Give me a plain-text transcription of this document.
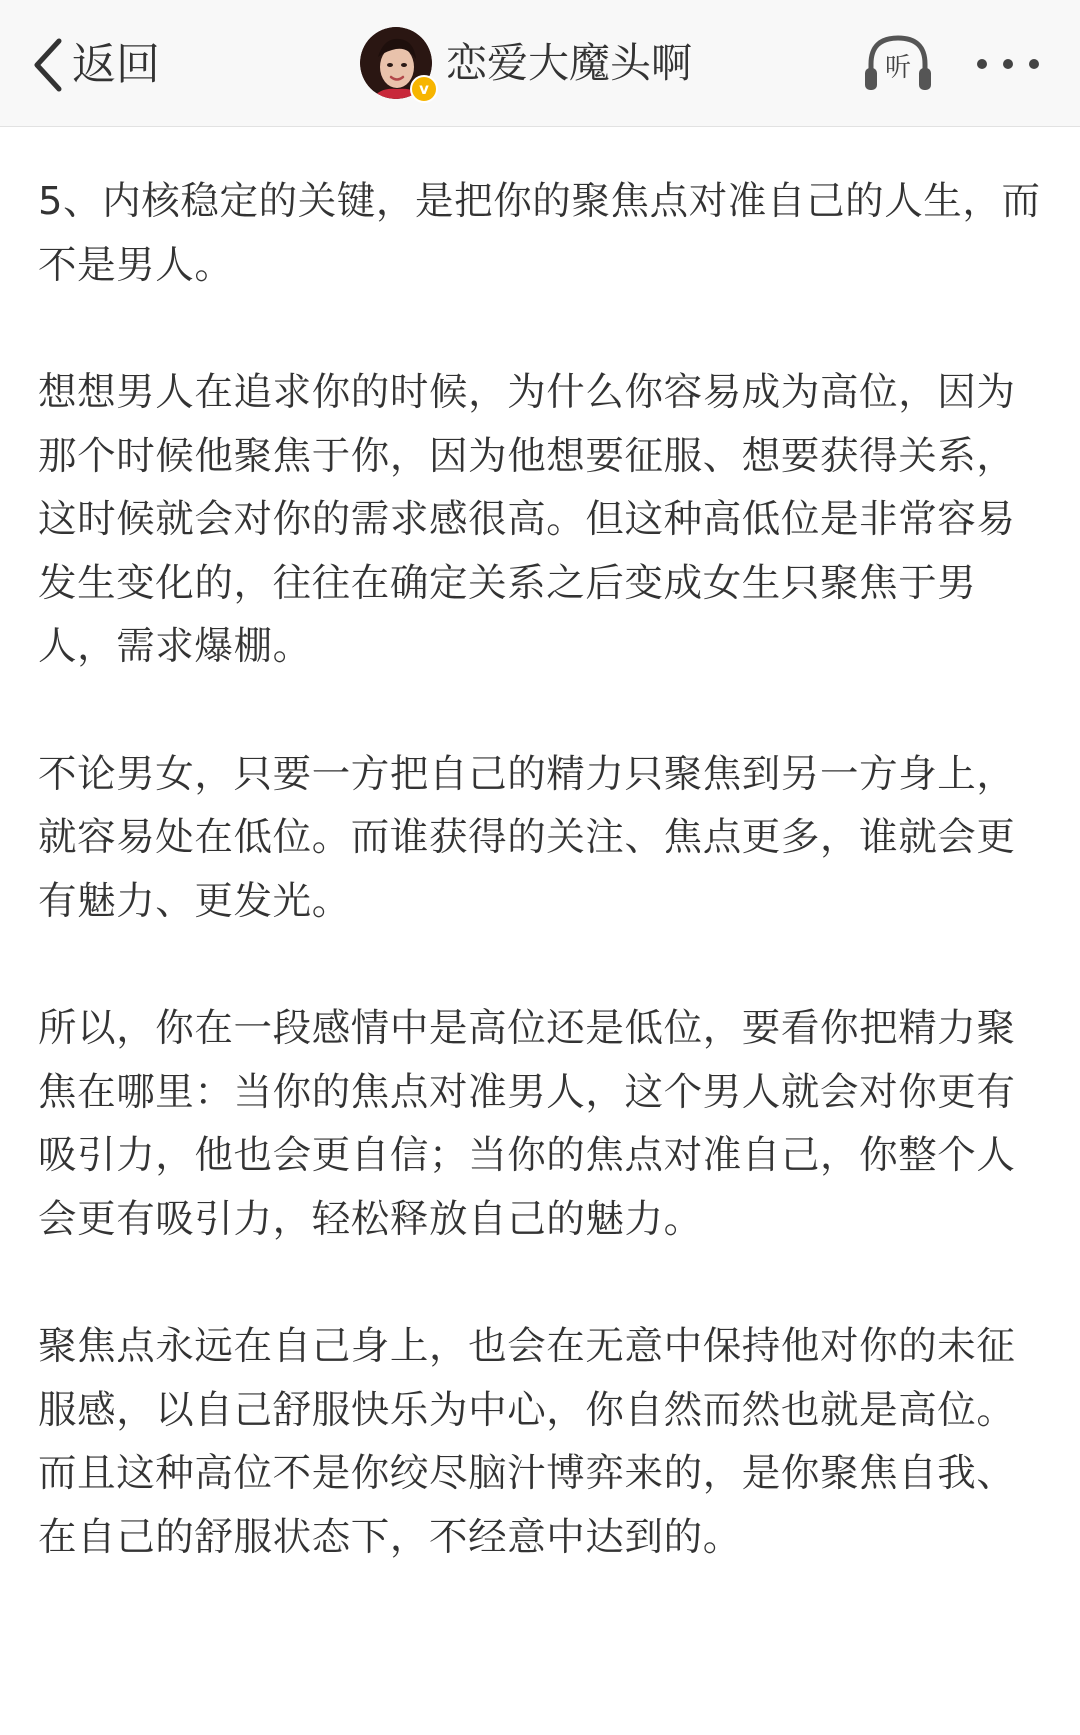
返回	v
恋爱大魔头啊	听

5、内核稳定的关键，是把你的聚焦点对准自己的人生，而不是男人。

想想男人在追求你的时候，为什么你容易成为高位，因为那个时候他聚焦于你，因为他想要征服、想要获得关系，这时候就会对你的需求感很高。但这种高低位是非常容易发生变化的，往往在确定关系之后变成女生只聚焦于男人，需求爆棚。

不论男女，只要一方把自己的精力只聚焦到另一方身上，就容易处在低位。而谁获得的关注、焦点更多，谁就会更有魅力、更发光。

所以，你在一段感情中是高位还是低位，要看你把精力聚焦在哪里：当你的焦点对准男人，这个男人就会对你更有吸引力，他也会更自信；当你的焦点对准自己，你整个人会更有吸引力，轻松释放自己的魅力。

聚焦点永远在自己身上，也会在无意中保持他对你的未征服感，以自己舒服快乐为中心，你自然而然也就是高位。而且这种高位不是你绞尽脑汁博弈来的，是你聚焦自我、在自己的舒服状态下，不经意中达到的。
